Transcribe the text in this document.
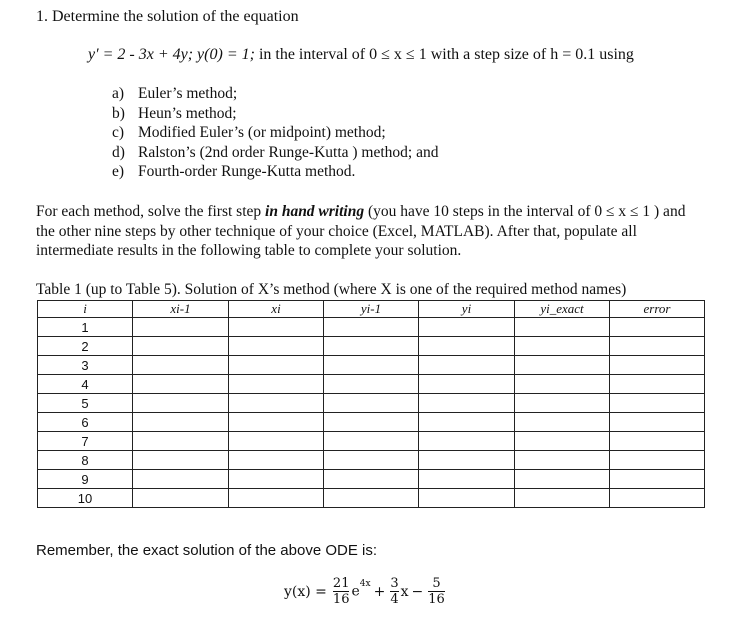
1. Determine the solution of the equation
y′ = 2 - 3x + 4y; y(0) = 1; in the interval of 0 ≤ x ≤ 1 with a step size of h = 0.1 using
a) Euler’s method;
b) Heun’s method;
c) Modified Euler’s (or midpoint) method;
d) Ralston’s (2nd order Runge-Kutta ) method; and
e) Fourth-order Runge-Kutta method.
For each method, solve the first step in hand writing (you have 10 steps in the interval of 0 ≤ x ≤ 1 ) and the other nine steps by other technique of your choice (Excel, MATLAB). After that, populate all intermediate results in the following table to complete your solution.
Table 1 (up to Table 5). Solution of X’s method (where X is one of the required method names)
i	xi-1	xi	yi-1	yi	yi_exact	error
1						
2						
3						
4						
5						
6						
7						
8						
9						
10						
Remember, the exact solution of the above ODE is:
$y(x) = \frac{21}{16} e^{4x} + \frac{3}{4}$ $x - \frac{5}{16}$
